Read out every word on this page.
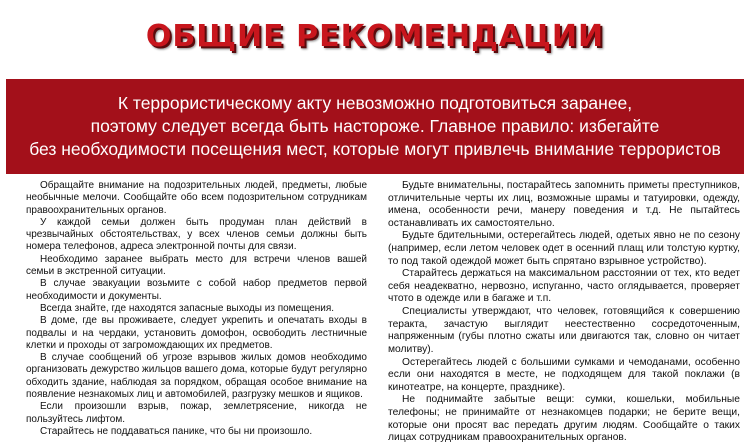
ОБЩИЕ РЕКОМЕНДАЦИИ
К террористическому акту невозможно подготовиться заранее,
поэтому следует всегда быть настороже. Главное правило: избегайте
без необходимости посещения мест, которые могут привлечь внимание террористов

Обращайте внимание на подозрительных людей, предметы, любые необычные мелочи. Сообщайте обо всем подозрительном сотрудникам правоохранительных органов.

У каждой семьи должен быть продуман план действий в чрезвычайных обстоятельствах, у всех членов семьи должны быть номера телефонов, адреса электронной почты для связи.

Необходимо заранее выбрать место для встречи членов вашей семьи в экстренной ситуации.

В случае эвакуации возьмите с собой набор предметов первой необходимости и документы.

Всегда знайте, где находятся запасные выходы из помещения.

В доме, где вы проживаете, следует укрепить и опечатать входы в подвалы и на чердаки, установить домофон, освободить лестничные клетки и проходы от загромождающих их предметов.

В случае сообщений об угрозе взрывов жилых домов необходимо организовать дежурство жильцов вашего дома, которые будут регулярно обходить здание, наблюдая за порядком, обращая особое внимание на появление незнакомых лиц и автомобилей, разгрузку мешков и ящиков.

Если произошли взрыв, пожар, землетрясение, никогда не пользуйтесь лифтом.

Старайтесь не поддаваться панике, что бы ни произошло.

Будьте внимательны, постарайтесь запомнить приметы преступников, отличительные черты их лиц, возможные шрамы и татуировки, одежду, имена, особенности речи, манеру поведения и т.д. Не пытайтесь останавливать их самостоятельно.

Будьте бдительными, остерегайтесь людей, одетых явно не по сезону (например, если летом человек одет в осенний плащ или толстую куртку, то под такой одеждой может быть спрятано взрывное устройство).

Старайтесь держаться на максимальном расстоянии от тех, кто ведет себя неадекватно, нервозно, испуганно, часто оглядывается, проверяет чтото в одежде или в багаже и т.п.

Специалисты утверждают, что человек, готовящийся к совершению теракта, зачастую выглядит неестественно сосредоточенным, напряженным (губы плотно сжаты или двигаются так, словно он читает молитву).

Остерегайтесь людей с большими сумками и чемоданами, особенно если они находятся в месте, не подходящем для такой поклажи (в кинотеатре, на концерте, празднике).

Не поднимайте забытые вещи: сумки, кошельки, мобильные телефоны; не принимайте от незнакомцев подарки; не берите вещи, которые они просят вас передать другим людям. Сообщайте о таких лицах сотрудникам правоохранительных органов.
